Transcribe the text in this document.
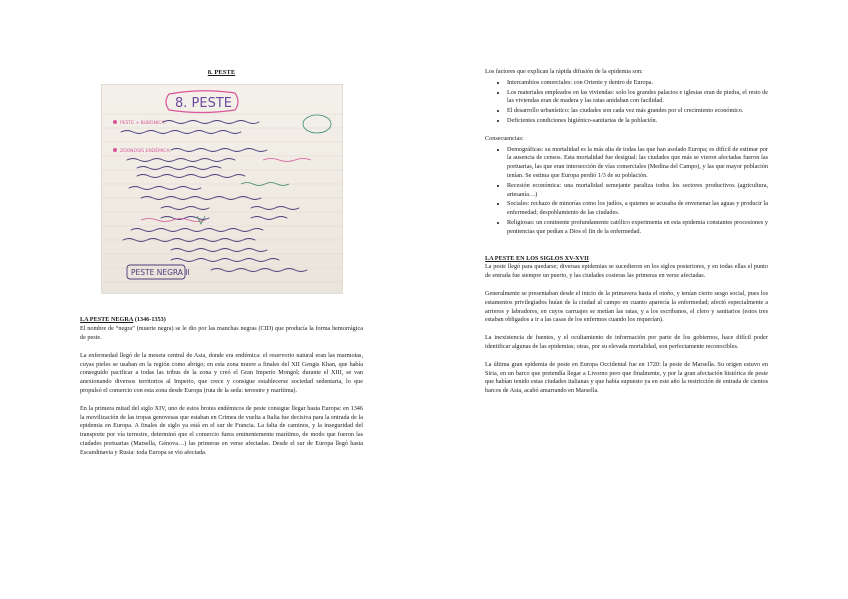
8. PESTE
8. PESTE
PESTE + BUBÓNICA:
ZOONOSIS ENDÉMICA:
PESTE NEGRA II
LA PESTE NEGRA (1346-1353)

El nombre de “negra” (muerte negra) se le dio por las manchas negras (CID) que producía la forma hemorrágica de peste.

La enfermedad llegó de la meseta central de Asia, donde era endémica: el reservorio natural eran las marmotas, cuyas pieles se usaban en la región como abrigo; en esta zona muere a finales del XII Gengis Khan, que había conseguido pacificar a todas las tribus de la zona y creó el Gran Imperio Mongol; durante el XIII, se van anexionando diversos territorios al Imperio, que crece y consigue establecerse sociedad sedentaria, lo que propulsó el comercio con esta zona desde Europa (ruta de la seda: terrestre y marítima).

En la primera mitad del siglo XIV, uno de estos brotes endémicos de peste consigue llegar hasta Europa: en 1346 la movilización de las tropas genovesas que estaban en Crimea de vuelta a Italia fue decisiva para la entrada de la epidemia en Europa. A finales de siglo ya está en el sur de Francia. La falta de caminos, y la inseguridad del transporte por vía terrestre, determinó que el comercio fuera eminentemente marítimo, de modo que fueron las ciudades portuarias (Marsella, Génova…) las primeras en verse afectadas. Desde el sur de Europa llegó hasta Escandinavia y Rusia: toda Europa se vio afectada.

Los factores que explican la rápida difusión de la epidemia son:

• Intercambios comerciales: con Oriente y dentro de Europa.
• Los materiales empleados en las viviendas: solo los grandes palacios e iglesias eran de piedra, el resto de las viviendas eran de madera y las ratas anidaban con facilidad.
• El desarrollo urbanístico: las ciudades son cada vez más grandes por el crecimiento económico.
• Deficientes condiciones higiénico-sanitarias de la población.

Consecuencias:

• Demográficas: su mortalidad es la más alta de todas las que han asolado Europa; es difícil de estimar por la ausencia de censos. Esta mortalidad fue desigual: las ciudades que más se vieron afectadas fueron las portuarias, las que eran intersección de vías comerciales (Medina del Campo), y las que mayor población tenían. Se estima que Europa perdió 1/3 de su población.
• Recesión económica: una mortalidad semejante paraliza todos los sectores productivos (agricultura, artesanía…)
• Sociales: rechazo de minorías como los judíos, a quienes se acusaba de envenenar las aguas y producir la enfermedad; despoblamiento de las ciudades.
• Religiosas: un continente profundamente católico experimenta en esta epidemia constantes procesiones y penitencias que pedían a Dios el fin de la enfermedad.
LA PESTE EN LOS SIGLOS XV-XVII

La peste llegó para quedarse; diversas epidemias se sucedieron en los siglos posteriores, y en todas ellas el punto de entrada fue siempre un puerto, y las ciudades costeras las primeras en verse afectadas.

Generalmente se presentaban desde el inicio de la primavera hasta el otoño, y tenían cierto sesgo social, pues los estamentos privilegiados huían de la ciudad al campo en cuanto aparecía la enfermedad; afectó especialmente a arrieros y labradores, en cuyos carruajes se metían las ratas, y a los escribanos, el clero y sanitarios (estos tres estaban obligados a ir a las casas de los enfermos cuando los requerían).

La inexistencia de fuentes, y el ocultamiento de información por parte de los gobiernos, hace difícil poder identificar algunas de las epidemias; otras, por su elevada mortalidad, son perfectamente reconocibles.

La última gran epidemia de peste en Europa Occidental fue en 1720: la peste de Marsella. Su origen estuvo en Siria, en un barco que pretendía llegar a Livorno pero que finalmente, y por la gran afectación histórica de peste que habían tenido estas ciudades italianas y que había supuesto ya en este año la restricción de entrada de cientos barcos de Asia, acabó amarrando en Marsella.
